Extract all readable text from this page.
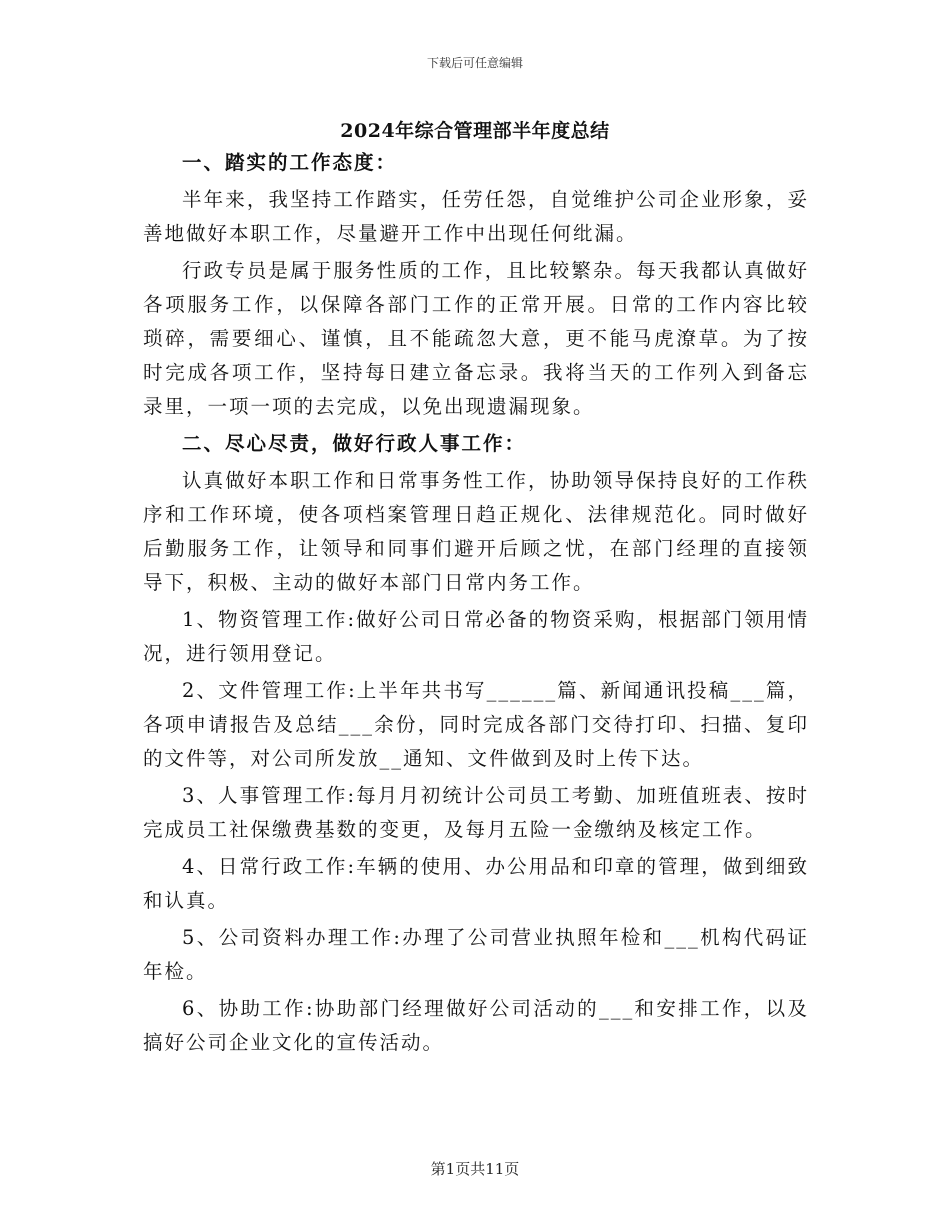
下载后可任意编辑
2024年综合管理部半年度总结

一、踏实的工作态度：

半年来，我坚持工作踏实，任劳任怨，自觉维护公司企业形象，妥善地做好本职工作，尽量避开工作中出现任何纰漏。

行政专员是属于服务性质的工作，且比较繁杂。每天我都认真做好各项服务工作，以保障各部门工作的正常开展。日常的工作内容比较琐碎，需要细心、谨慎，且不能疏忽大意，更不能马虎潦草。为了按时完成各项工作，坚持每日建立备忘录。我将当天的工作列入到备忘录里，一项一项的去完成，以免出现遗漏现象。

二、尽心尽责，做好行政人事工作：

认真做好本职工作和日常事务性工作，协助领导保持良好的工作秩序和工作环境，使各项档案管理日趋正规化、法律规范化。同时做好后勤服务工作，让领导和同事们避开后顾之忧，在部门经理的直接领导下，积极、主动的做好本部门日常内务工作。

1、物资管理工作:做好公司日常必备的物资采购，根据部门领用情况，进行领用登记。

2、文件管理工作:上半年共书写______篇、新闻通讯投稿___篇，各项申请报告及总结___余份，同时完成各部门交待打印、扫描、复印的文件等，对公司所发放__通知、文件做到及时上传下达。

3、人事管理工作:每月月初统计公司员工考勤、加班值班表、按时完成员工社保缴费基数的变更，及每月五险一金缴纳及核定工作。

4、日常行政工作:车辆的使用、办公用品和印章的管理，做到细致和认真。

5、公司资料办理工作:办理了公司营业执照年检和___机构代码证年检。

6、协助工作:协助部门经理做好公司活动的___和安排工作，以及搞好公司企业文化的宣传活动。

第1页共11页
